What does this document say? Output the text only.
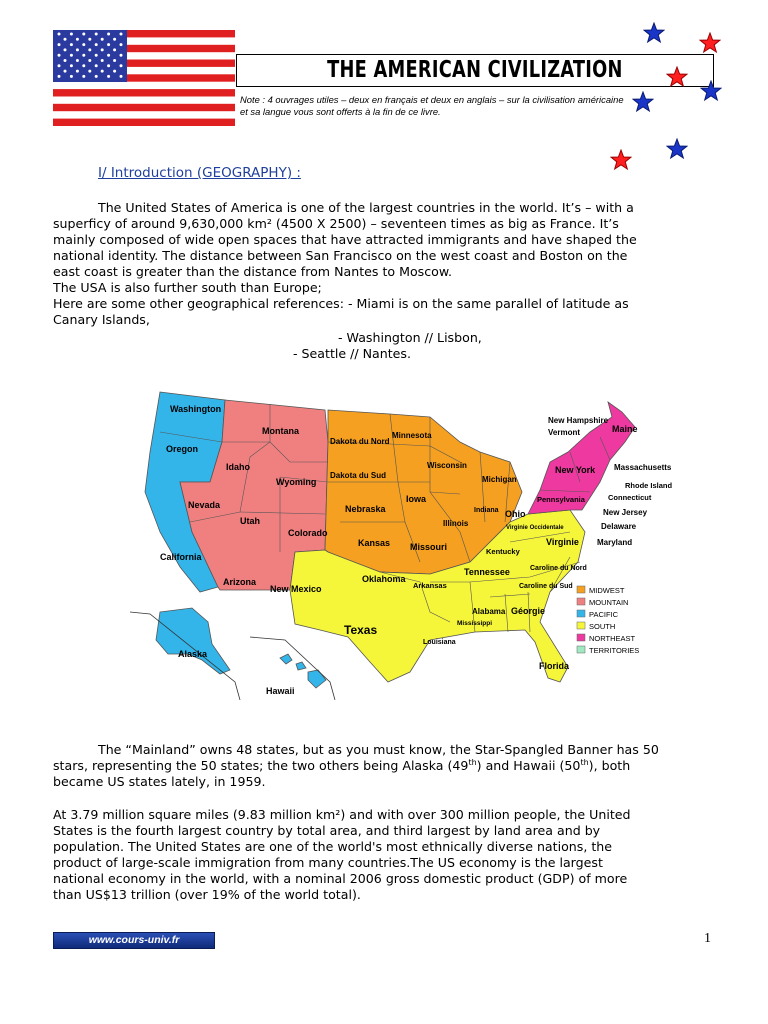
THE AMERICAN CIVILIZATION
Note : 4 ouvrages utiles – deux en français et deux en anglais – sur la civilisation américaine et sa langue vous sont offerts à la fin de ce livre.
I/ Introduction (GEOGRAPHY) :
The United States of America is one of the largest countries in the world. It’s – with a
superficy of around 9,630,000 km² (4500 X 2500) – seventeen times as big as France. It’s
mainly composed of wide open spaces that have attracted immigrants and have shaped the
national identity. The distance between San Francisco on the west coast and Boston on the
east coast is greater than the distance from Nantes to Moscow.
The USA is also further south than Europe;
Here are some other geographical references: - Miami is on the same parallel of latitude as
Canary Islands,
- Washington // Lisbon,
- Seattle // Nantes.
Washington
Oregon
California
Idaho
Nevada
Utah
Arizona
Montana
Wyoming
Colorado
New Mexico
Dakota du Nord
Dakota du Sud
Nebraska
Kansas
Minnesota
Iowa
Missouri
Wisconsin
Illinois
Michigan
Indiana Ohio
Oklahoma
Texas
Arkansas
Louisiana
Mississippi
Alabama Géorgie
Florida
Tennessee
Kentucky
Virginie Occidentale
Virginie
Caroline du Nord
Caroline du Sud
Maryland
Delaware
New Jersey
Pennsylvania
New York
Connecticut
Rhode Island
Massachusetts
New Hampshire
Vermont	Maine
Alaska
Hawaii
MIDWEST
MOUNTAIN
PACIFIC
SOUTH
NORTHEAST
TERRITORIES
The “Mainland” owns 48 states, but as you must know, the Star-Spangled Banner has 50
stars, representing the 50 states; the two others being Alaska (49th) and Hawaii (50th), both
became US states lately, in 1959.
At 3.79 million square miles (9.83 million km²) and with over 300 million people, the United
States is the fourth largest country by total area, and third largest by land area and by
population. The United States are one of the world's most ethnically diverse nations, the
product of large-scale immigration from many countries.The US economy is the largest
national economy in the world, with a nominal 2006 gross domestic product (GDP) of more
than US$13 trillion (over 19% of the world total).
www.cours-univ.fr	1
